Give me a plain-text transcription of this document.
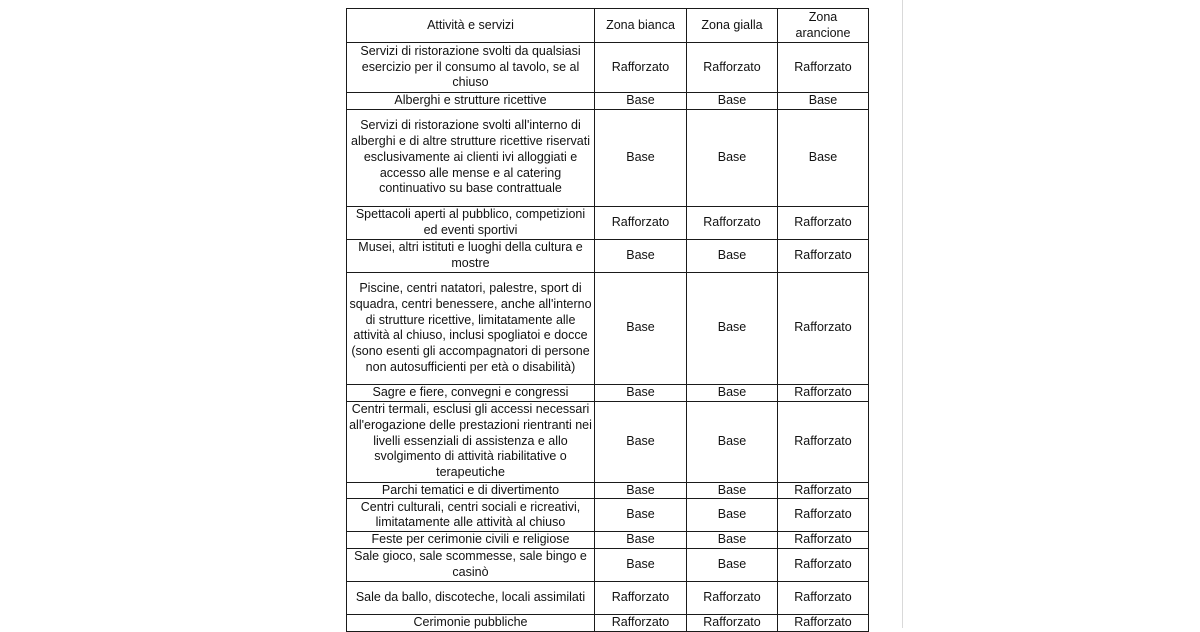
Attività e servizi	Zona bianca	Zona gialla	Zona arancione
Servizi di ristorazione svolti da qualsiasi esercizio per il consumo al tavolo, se al chiuso	Rafforzato	Rafforzato	Rafforzato
Alberghi e strutture ricettive	Base	Base	Base
Servizi di ristorazione svolti all'interno di alberghi e di altre strutture ricettive riservati esclusivamente ai clienti ivi alloggiati e accesso alle mense e al catering continuativo su base contrattuale	Base	Base	Base
Spettacoli aperti al pubblico, competizioni ed eventi sportivi	Rafforzato	Rafforzato	Rafforzato
Musei, altri istituti e luoghi della cultura e mostre	Base	Base	Rafforzato
Piscine, centri natatori, palestre, sport di squadra, centri benessere, anche all'interno di strutture ricettive, limitatamente alle attività al chiuso, inclusi spogliatoi e docce (sono esenti gli accompagnatori di persone non autosufficienti per età o disabilità)	Base	Base	Rafforzato
Sagre e fiere, convegni e congressi	Base	Base	Rafforzato
Centri termali, esclusi gli accessi necessari all'erogazione delle prestazioni rientranti nei livelli essenziali di assistenza e allo svolgimento di attività riabilitative o terapeutiche	Base	Base	Rafforzato
Parchi tematici e di divertimento	Base	Base	Rafforzato
Centri culturali, centri sociali e ricreativi, limitatamente alle attività al chiuso	Base	Base	Rafforzato
Feste per cerimonie civili e religiose	Base	Base	Rafforzato
Sale gioco, sale scommesse, sale bingo e casinò	Base	Base	Rafforzato
Sale da ballo, discoteche, locali assimilati	Rafforzato	Rafforzato	Rafforzato
Cerimonie pubbliche	Rafforzato	Rafforzato	Rafforzato
